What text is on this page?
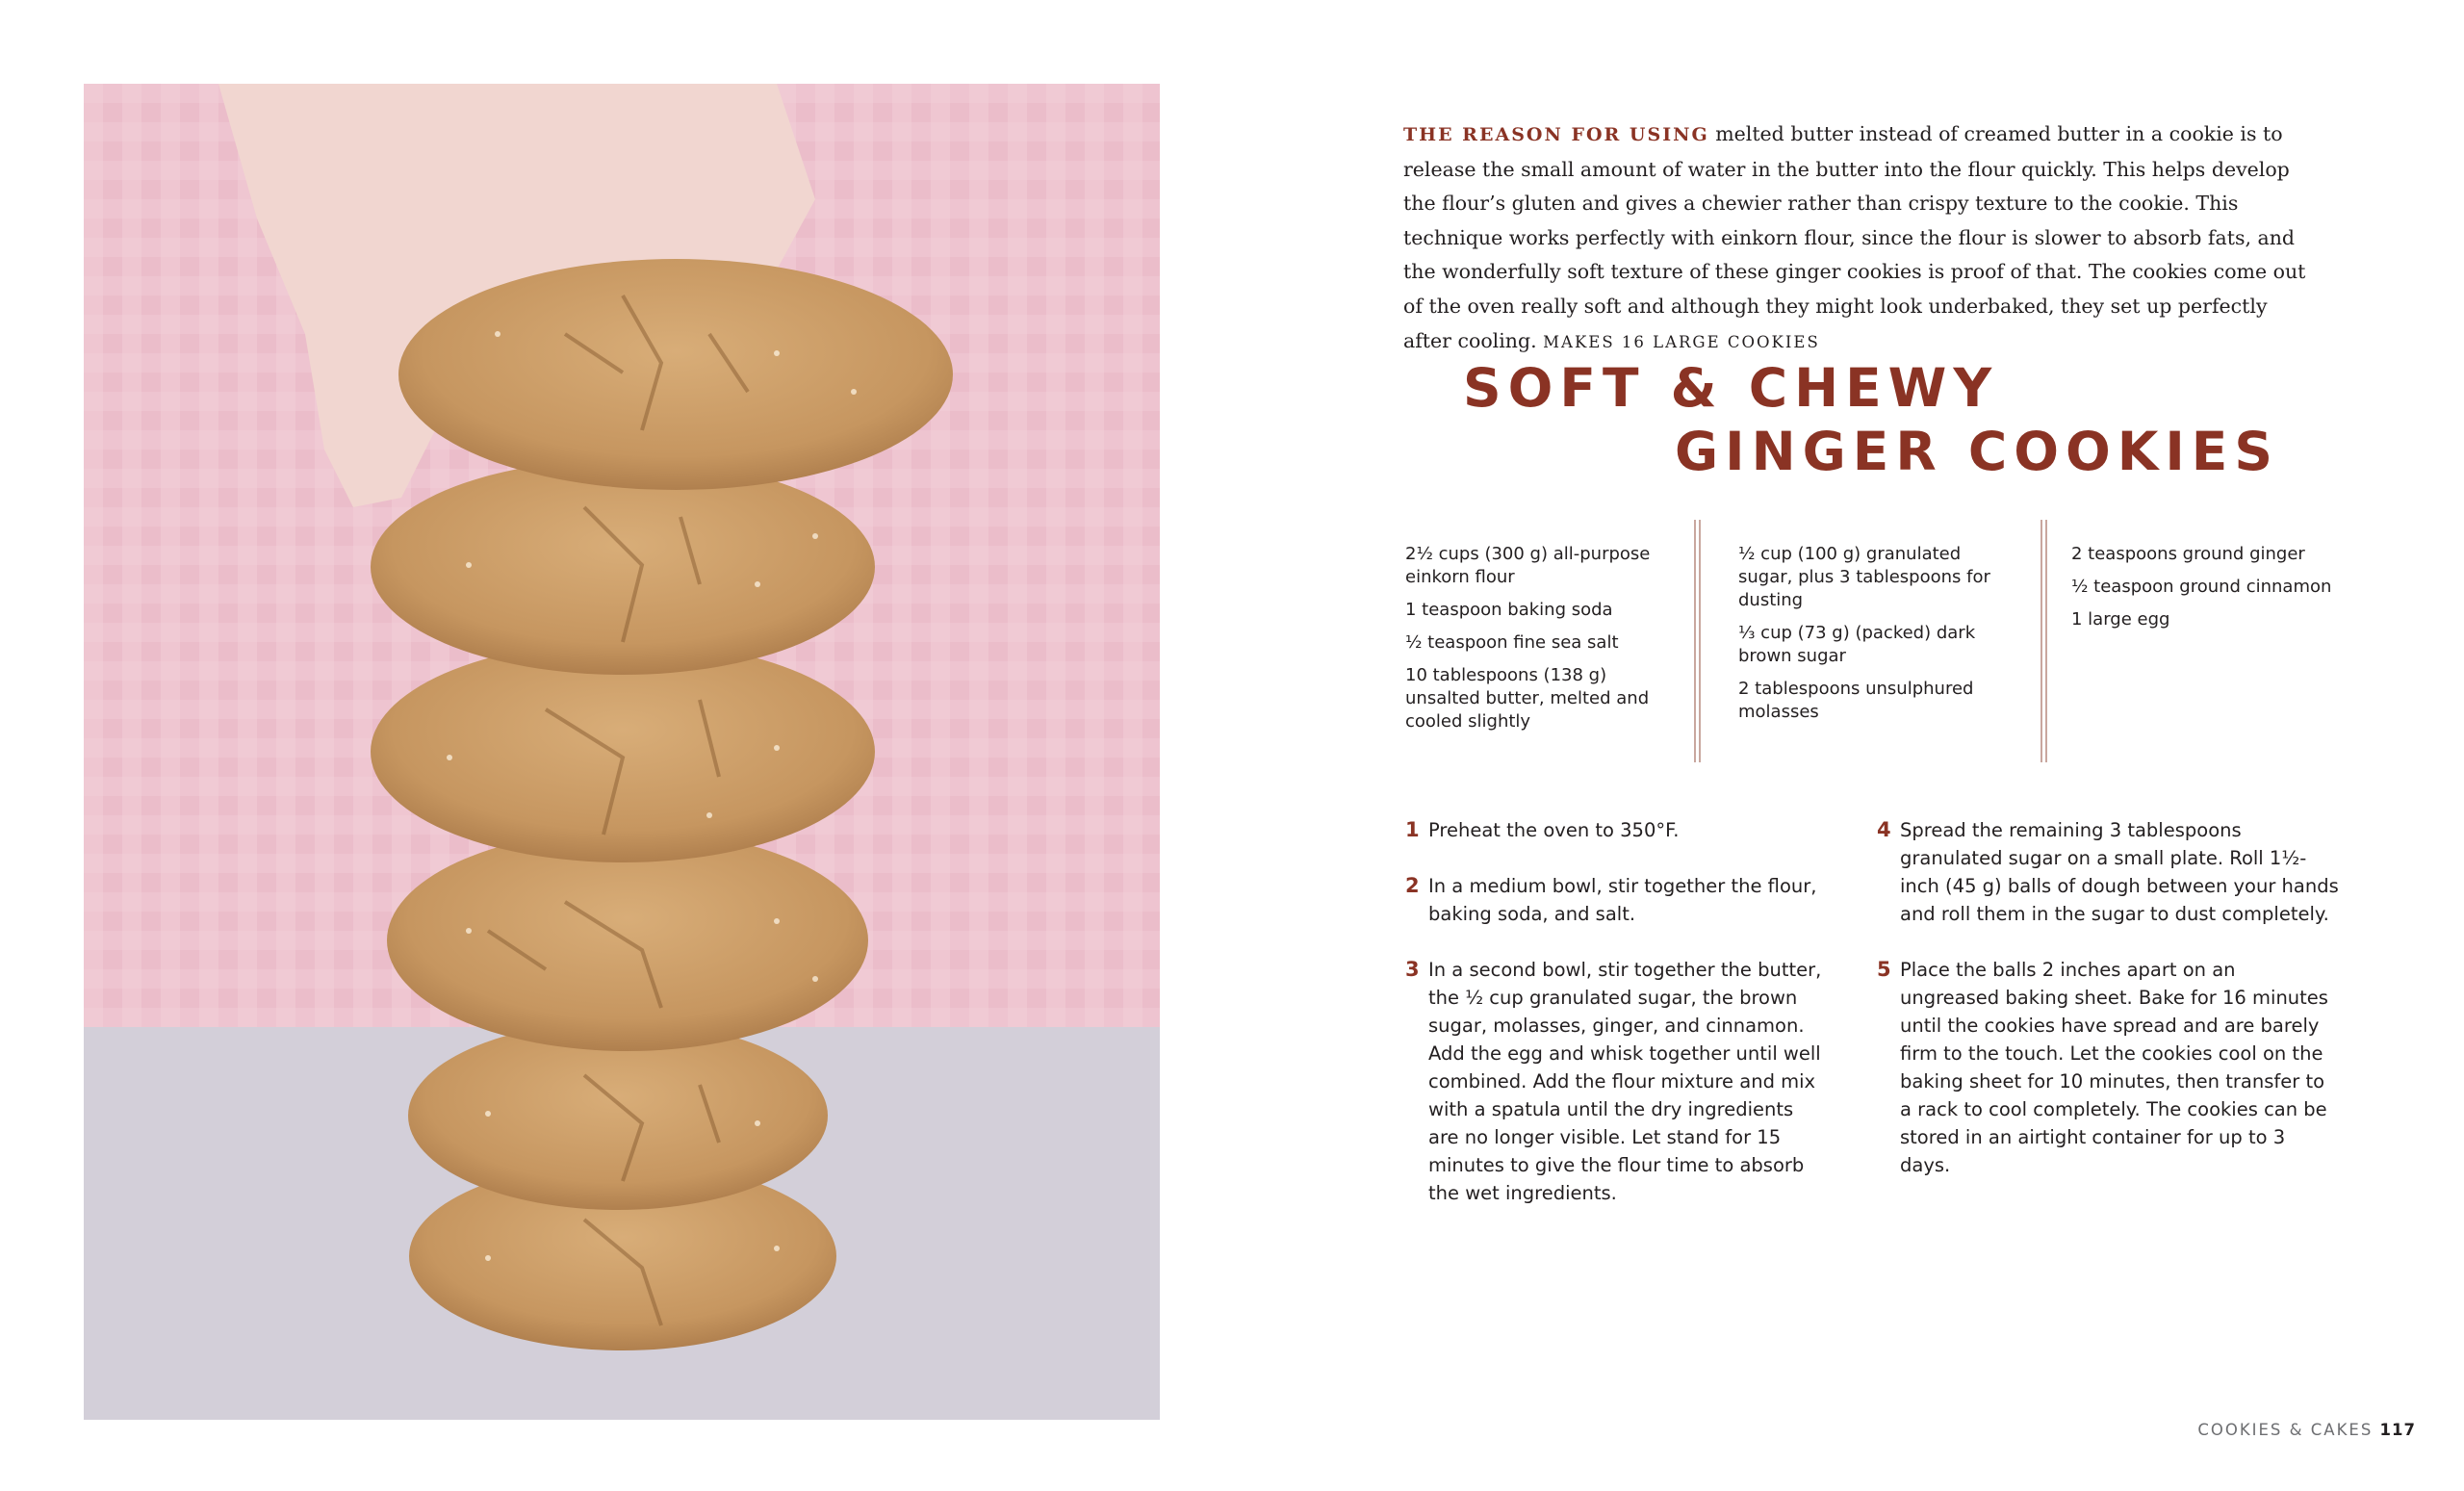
THE REASON FOR USING melted butter instead of creamed butter in a cookie is to release the small amount of water in the butter into the flour quickly. This helps develop the flour’s gluten and gives a chewier rather than crispy texture to the cookie. This technique works perfectly with einkorn flour, since the flour is slower to absorb fats, and the wonderfully soft texture of these ginger cookies is proof of that. The cookies come out of the oven really soft and although they might look underbaked, they set up perfectly after cooling. MAKES 16 LARGE COOKIES
SOFT & CHEWY
GINGER COOKIES

2½ cups (300 g) all-purpose einkorn flour

1 teaspoon baking soda

½ teaspoon fine sea salt

10 tablespoons (138 g) unsalted butter, melted and cooled slightly

½ cup (100 g) granulated sugar, plus 3 tablespoons for dusting

⅓ cup (73 g) (packed) dark brown sugar

2 tablespoons unsulphured molasses

2 teaspoons ground ginger

½ teaspoon ground cinnamon

1 large egg

1 Preheat the oven to 350°F.
2 In a medium bowl, stir together the flour, baking soda, and salt.
3 In a second bowl, stir together the butter, the ½ cup granulated sugar, the brown sugar, molasses, ginger, and cinnamon. Add the egg and whisk together until well combined. Add the flour mixture and mix with a spatula until the dry ingredients are no longer visible. Let stand for 15 minutes to give the flour time to absorb the wet ingredients.
4 Spread the remaining 3 tablespoons granulated sugar on a small plate. Roll 1½-inch (45 g) balls of dough between your hands and roll them in the sugar to dust completely.
5 Place the balls 2 inches apart on an ungreased baking sheet. Bake for 16 minutes until the cookies have spread and are barely firm to the touch. Let the cookies cool on the baking sheet for 10 minutes, then transfer to a rack to cool completely. The cookies can be stored in an airtight container for up to 3 days.
COOKIES & CAKES 117
